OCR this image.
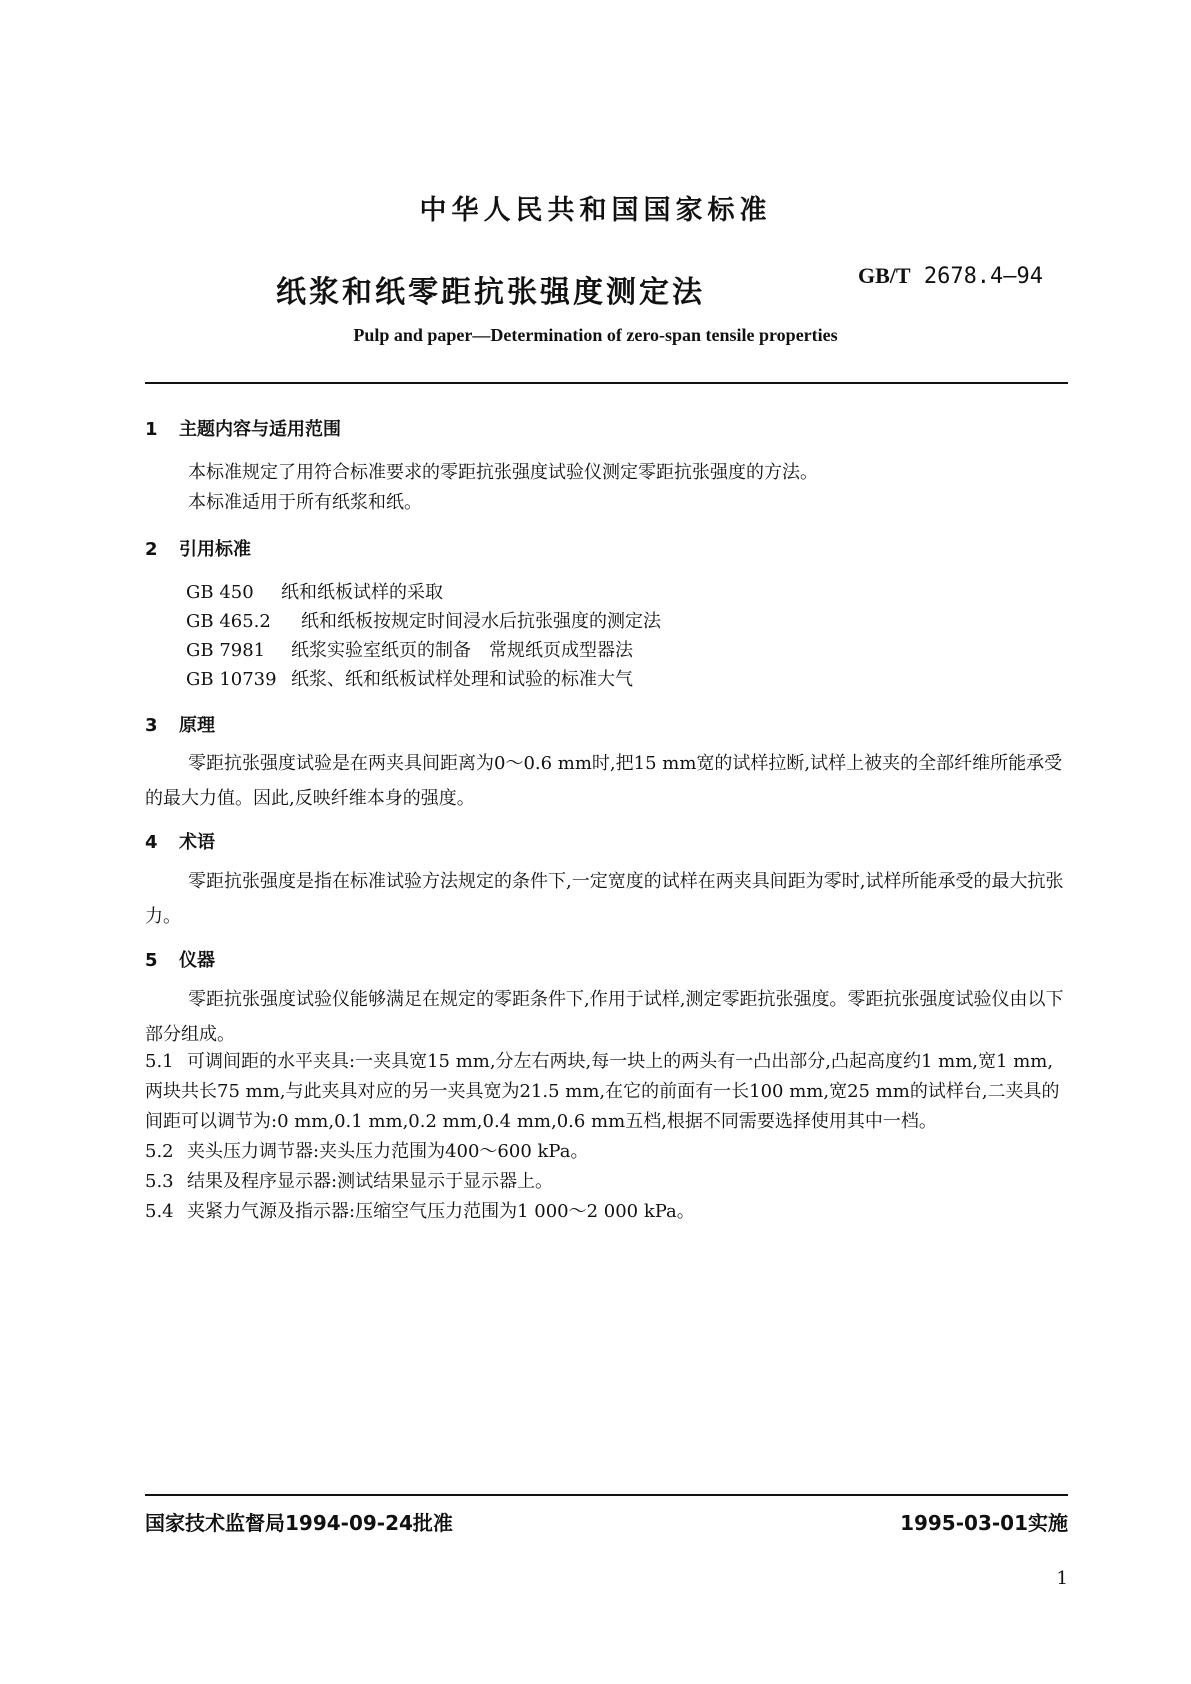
中华人民共和国国家标准
纸浆和纸零距抗张强度测定法	GB/T 2678.4—94
Pulp and paper—Determination of zero-span tensile properties
1 主题内容与适用范围
本标准规定了用符合标准要求的零距抗张强度试验仪测定零距抗张强度的方法。
本标准适用于所有纸浆和纸。
2 引用标准
GB 450 纸和纸板试样的采取
GB 465.2 纸和纸板按规定时间浸水后抗张强度的测定法
GB 7981 纸浆实验室纸页的制备　常规纸页成型器法
GB 10739 纸浆、纸和纸板试样处理和试验的标准大气
3 原理

零距抗张强度试验是在两夹具间距离为0～0.6 mm时,把15 mm宽的试样拉断,试样上被夹的全部纤维所能承受的最大力值。因此,反映纤维本身的强度。

4 术语

零距抗张强度是指在标准试验方法规定的条件下,一定宽度的试样在两夹具间距为零时,试样所能承受的最大抗张力。

5 仪器

零距抗张强度试验仪能够满足在规定的零距条件下,作用于试样,测定零距抗张强度。零距抗张强度试验仪由以下部分组成。

5.1 可调间距的水平夹具:一夹具宽15 mm,分左右两块,每一块上的两头有一凸出部分,凸起高度约1 mm,宽1 mm,两块共长75 mm,与此夹具对应的另一夹具宽为21.5 mm,在它的前面有一长100 mm,宽25 mm的试样台,二夹具的间距可以调节为:0 mm,0.1 mm,0.2 mm,0.4 mm,0.6 mm五档,根据不同需要选择使用其中一档。

5.2 夹头压力调节器:夹头压力范围为400～600 kPa。

5.3 结果及程序显示器:测试结果显示于显示器上。

5.4 夹紧力气源及指示器:压缩空气压力范围为1 000～2 000 kPa。

国家技术监督局1994-09-24批准	1995-03-01实施
1
